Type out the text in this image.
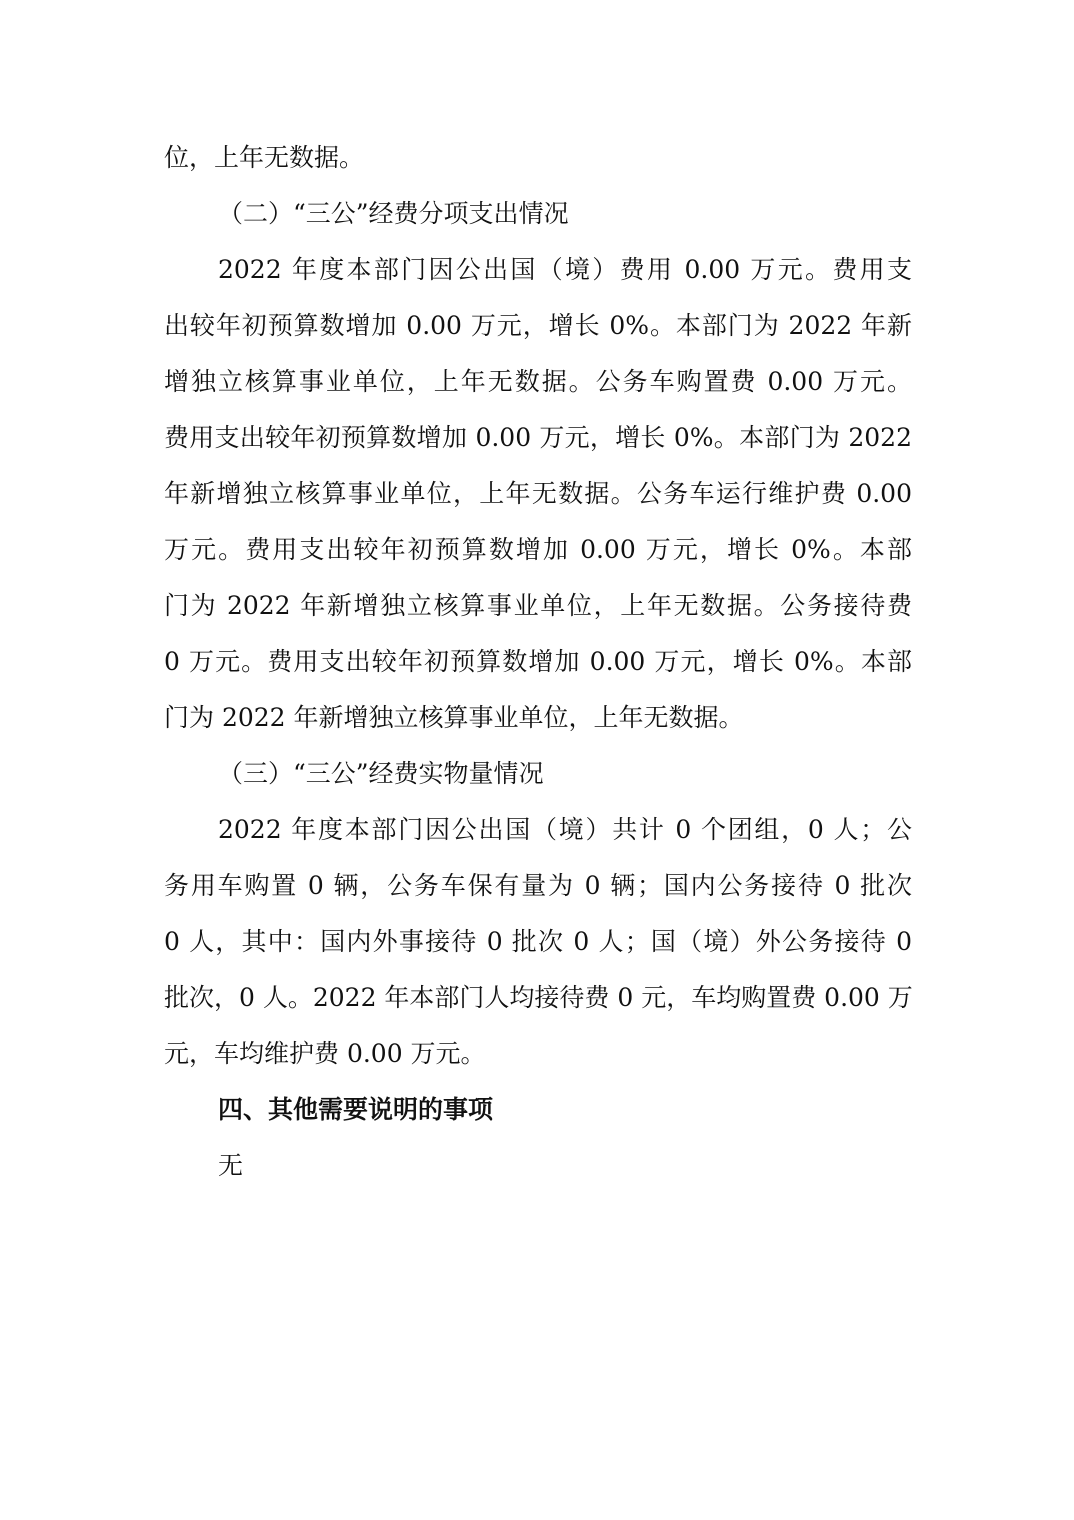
位，上年无数据。

（二）“三公”经费分项支出情况

2022 年度本部门因公出国（境）费用 0.00 万元。费用支
出较年初预算数增加 0.00 万元，增长 0%。本部门为 2022 年新
增独立核算事业单位，上年无数据。公务车购置费 0.00 万元。
费用支出较年初预算数增加 0.00 万元，增长 0%。本部门为 2022
年新增独立核算事业单位，上年无数据。公务车运行维护费 0.00
万元。费用支出较年初预算数增加 0.00 万元，增长 0%。本部
门为 2022 年新增独立核算事业单位，上年无数据。公务接待费
0 万元。费用支出较年初预算数增加 0.00 万元，增长 0%。本部
门为 2022 年新增独立核算事业单位，上年无数据。

（三）“三公”经费实物量情况

2022 年度本部门因公出国（境）共计 0 个团组，0 人；公
务用车购置 0 辆，公务车保有量为 0 辆；国内公务接待 0 批次
0 人，其中：国内外事接待 0 批次 0 人；国（境）外公务接待 0
批次，0 人。2022 年本部门人均接待费 0 元，车均购置费 0.00 万
元，车均维护费 0.00 万元。

四、其他需要说明的事项

无
